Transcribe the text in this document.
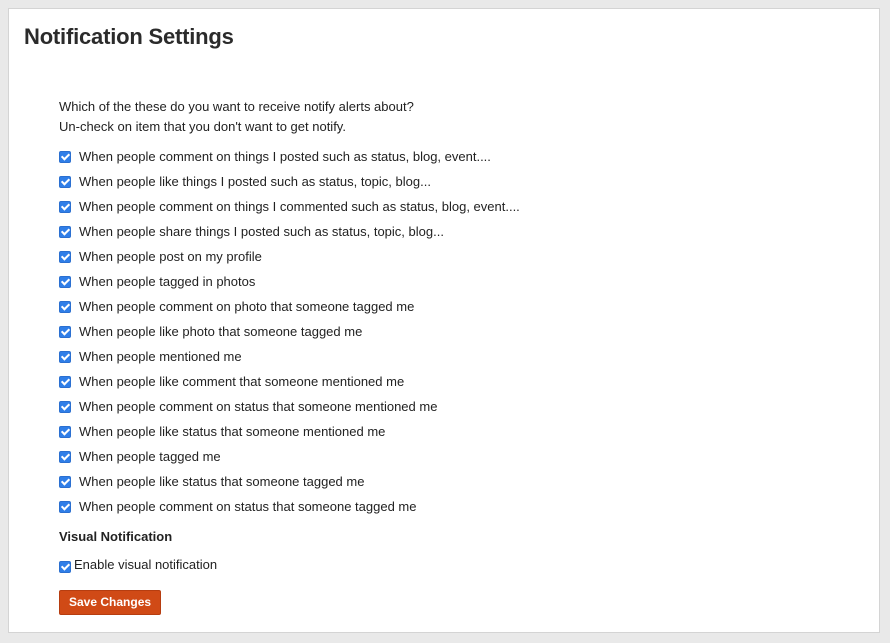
Notification Settings
Which of the these do you want to receive notify alerts about?
Un-check on item that you don't want to get notify.
When people comment on things I posted such as status, blog, event....
When people like things I posted such as status, topic, blog...
When people comment on things I commented such as status, blog, event....
When people share things I posted such as status, topic, blog...
When people post on my profile
When people tagged in photos
When people comment on photo that someone tagged me
When people like photo that someone tagged me
When people mentioned me
When people like comment that someone mentioned me
When people comment on status that someone mentioned me
When people like status that someone mentioned me
When people tagged me
When people like status that someone tagged me
When people comment on status that someone tagged me
Visual Notification
Enable visual notification
Save Changes
